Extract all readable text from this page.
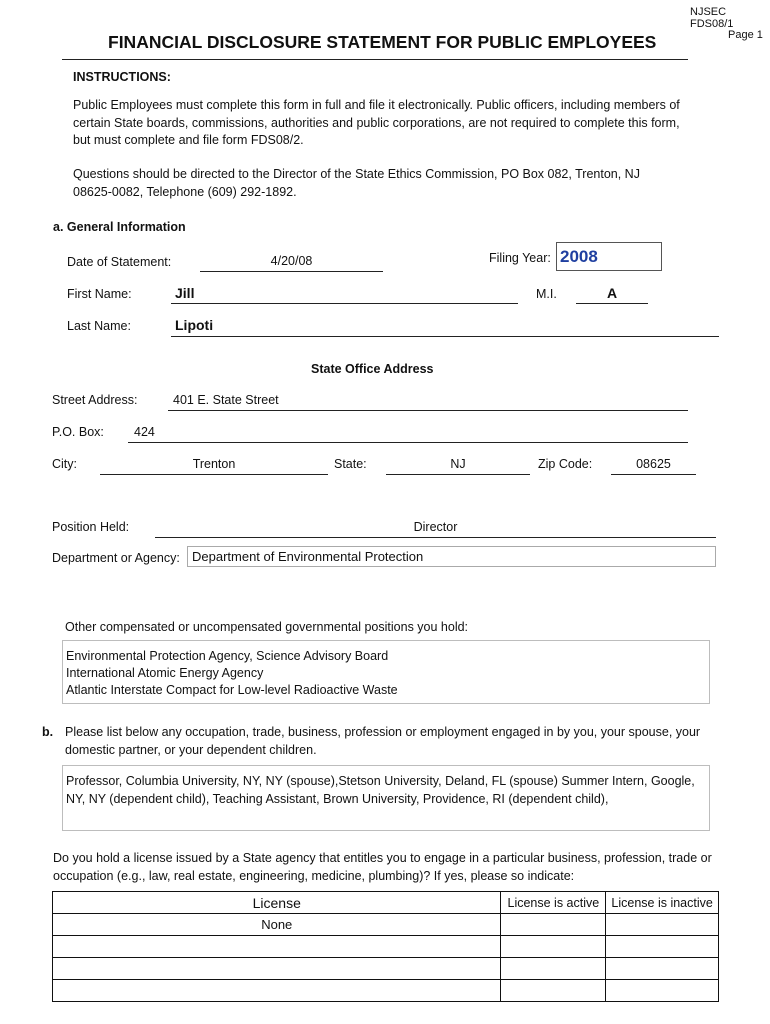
NJSEC FDS08/1
Page 1
FINANCIAL DISCLOSURE STATEMENT FOR PUBLIC EMPLOYEES
INSTRUCTIONS:
Public Employees must complete this form in full and file it electronically. Public officers, including members of
certain State boards, commissions, authorities and public corporations, are not required to complete this form,
but must complete and file form FDS08/2.
Questions should be directed to the Director of the State Ethics Commission, PO Box 082, Trenton, NJ
08625-0082, Telephone (609) 292-1892.
a. General Information
Date of Statement:	4/20/08	Filing Year: 2008
First Name:	Jill	M.I.	A
Last Name:	Lipoti
State Office Address
Street Address:	401 E. State Street
P.O. Box: 424
City:	Trenton	State:	NJ	Zip Code:	08625
Position Held:	Director
Department or Agency: Department of Environmental Protection
Other compensated or uncompensated governmental positions you hold:
Environmental Protection Agency, Science Advisory Board
International Atomic Energy Agency
Atlantic Interstate Compact for Low-level Radioactive Waste
b. Please list below any occupation, trade, business, profession or employment engaged in by you, your spouse, your
domestic partner, or your dependent children.
Professor, Columbia University, NY, NY (spouse),Stetson University, Deland, FL (spouse) Summer Intern, Google,
NY, NY (dependent child), Teaching Assistant, Brown University, Providence, RI (dependent child),
Do you hold a license issued by a State agency that entitles you to engage in a particular business, profession, trade or
occupation (e.g., law, real estate, engineering, medicine, plumbing)? If yes, please so indicate:
License	License is active	License is inactive
None		
